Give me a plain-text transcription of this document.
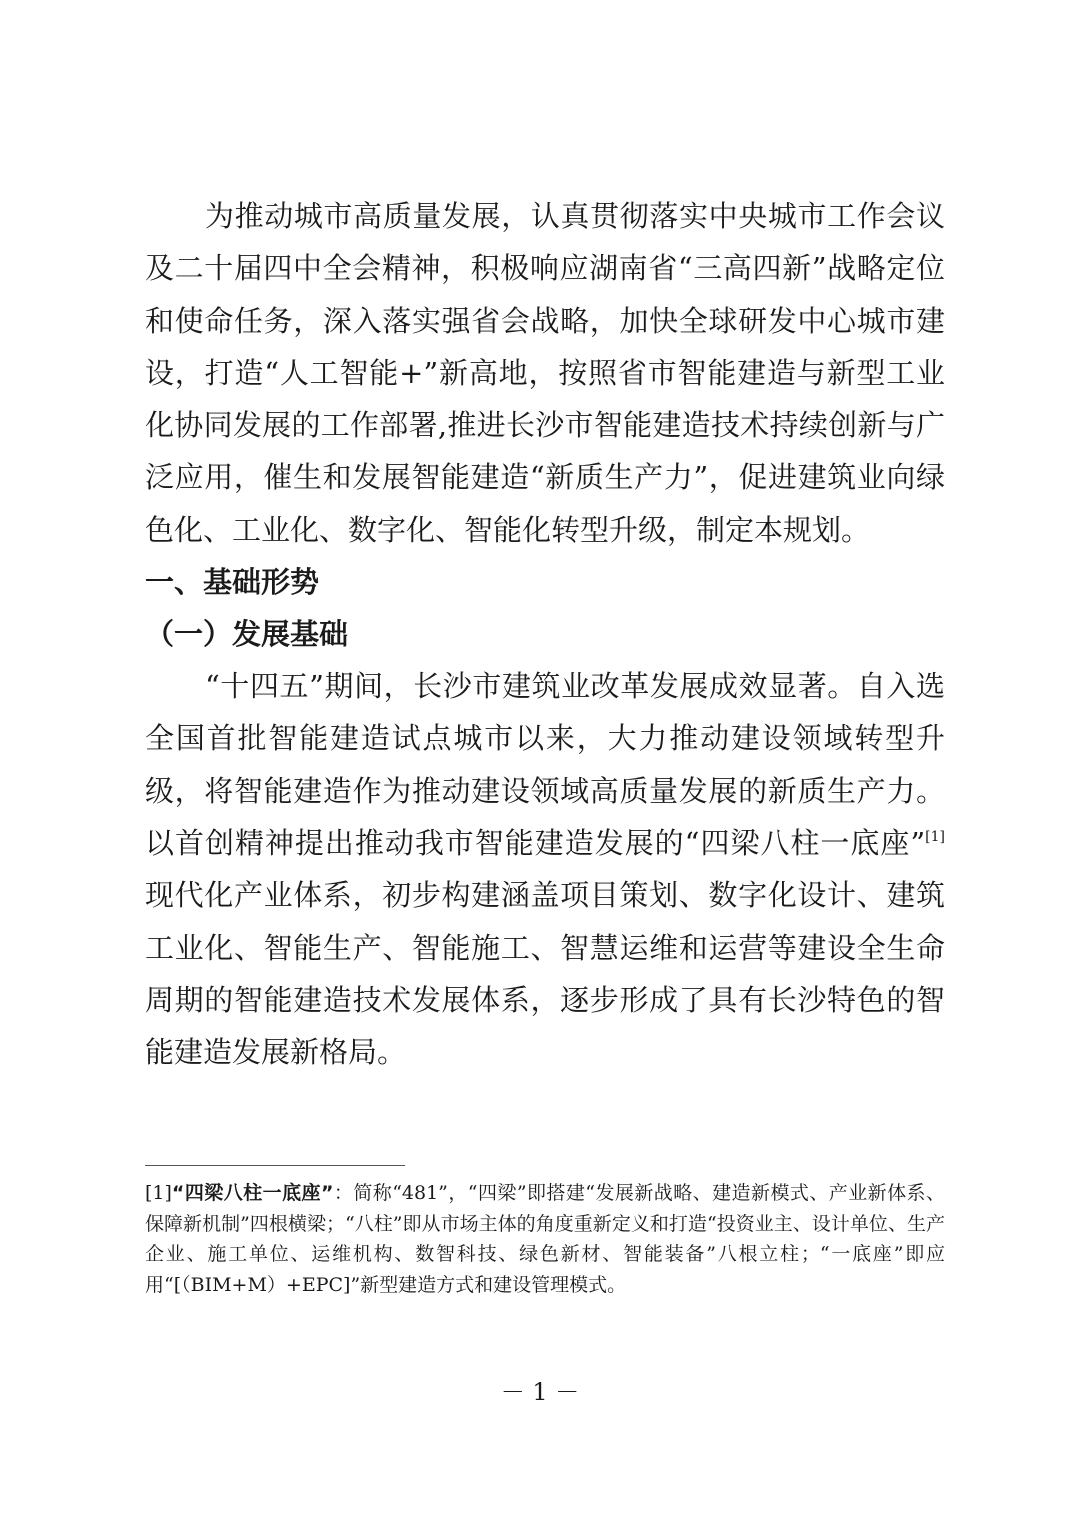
为推动城市高质量发展，认真贯彻落实中央城市工作会议及二十届四中全会精神，积极响应湖南省“三高四新”战略定位和使命任务，深入落实强省会战略，加快全球研发中心城市建设，打造“人工智能+”新高地，按照省市智能建造与新型工业化协同发展的工作部署,推进长沙市智能建造技术持续创新与广泛应用，催生和发展智能建造“新质生产力”，促进建筑业向绿色化、工业化、数字化、智能化转型升级，制定本规划。

一、基础形势
（一）发展基础

“十四五”期间，长沙市建筑业改革发展成效显著。自入选全国首批智能建造试点城市以来，大力推动建设领域转型升级，将智能建造作为推动建设领域高质量发展的新质生产力。以首创精神提出推动我市智能建造发展的“四梁八柱一底座”[1]现代化产业体系，初步构建涵盖项目策划、数字化设计、建筑工业化、智能生产、智能施工、智慧运维和运营等建设全生命周期的智能建造技术发展体系，逐步形成了具有长沙特色的智能建造发展新格局。

[1]“四梁八柱一底座”：简称“481”，“四梁”即搭建“发展新战略、建造新模式、产业新体系、保障新机制”四根横梁；“八柱”即从市场主体的角度重新定义和打造“投资业主、设计单位、生产企业、施工单位、运维机构、数智科技、绿色新材、智能装备”八根立柱；“一底座”即应用“[（BIM+M）+EPC]”新型建造方式和建设管理模式。

－ 1 －
